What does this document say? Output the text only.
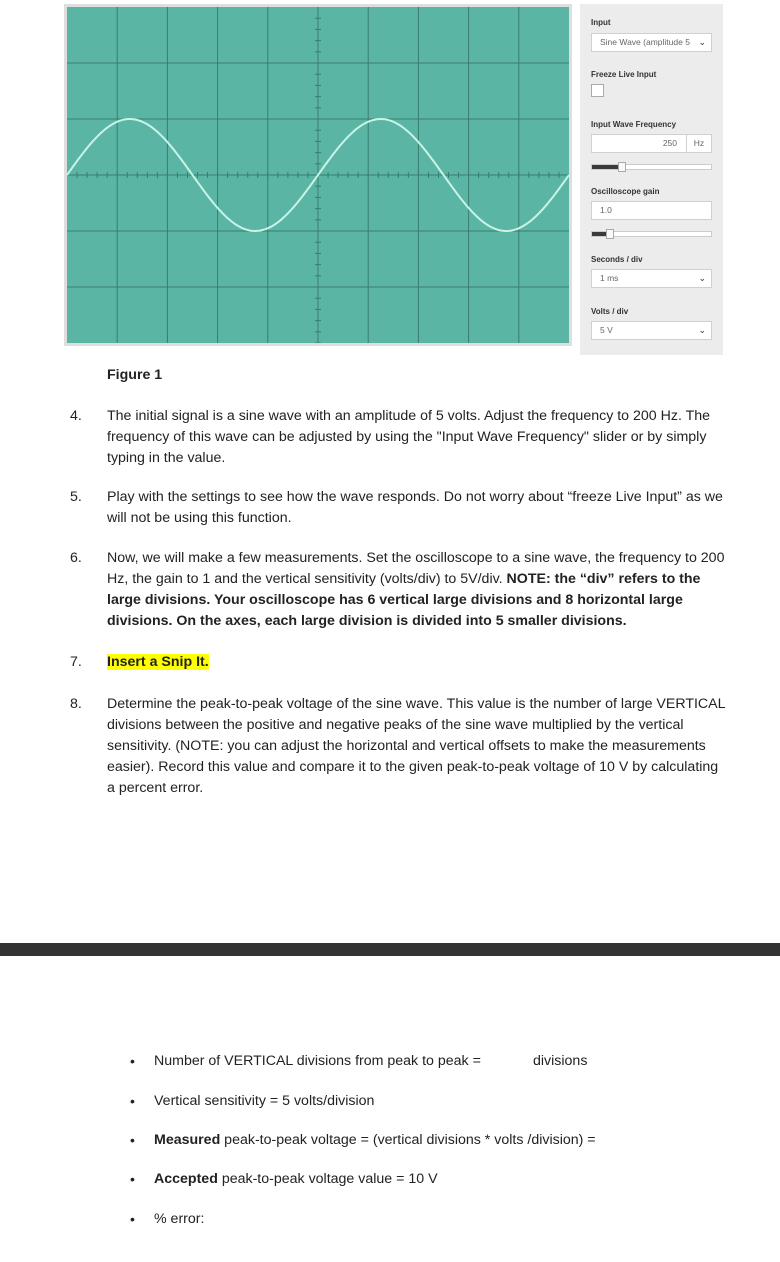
Input
Sine Wave (amplitude 5 ⌄
Freeze Live Input
Input Wave Frequency
250	Hz
Oscilloscope gain
1.0
Seconds / div
1 ms	⌄
Volts / div
5 V	⌄
Figure 1
4. The initial signal is a sine wave with an amplitude of 5 volts. Adjust the frequency to 200 Hz. The frequency of this wave can be adjusted by using the "Input Wave Frequency" slider or by simply typing in the value.
5. Play with the settings to see how the wave responds. Do not worry about “freeze Live Input” as we will not be using this function.
6. Now, we will make a few measurements. Set the oscilloscope to a sine wave, the frequency to 200 Hz, the gain to 1 and the vertical sensitivity (volts/div) to 5V/div. NOTE: the “div” refers to the large divisions. Your oscilloscope has 6 vertical large divisions and 8 horizontal large divisions. On the axes, each large division is divided into 5 smaller divisions.
7. Insert a Snip It.
8. Determine the peak-to-peak voltage of the sine wave. This value is the number of large VERTICAL divisions between the positive and negative peaks of the sine wave multiplied by the vertical sensitivity. (NOTE: you can adjust the horizontal and vertical offsets to make the measurements easier). Record this value and compare it to the given peak-to-peak voltage of 10 V by calculating a percent error.
• Number of VERTICAL divisions from peak to peak =	divisions
• Vertical sensitivity = 5 volts/division
• Measured peak-to-peak voltage = (vertical divisions * volts /division) =
• Accepted peak-to-peak voltage value = 10 V
• % error:
